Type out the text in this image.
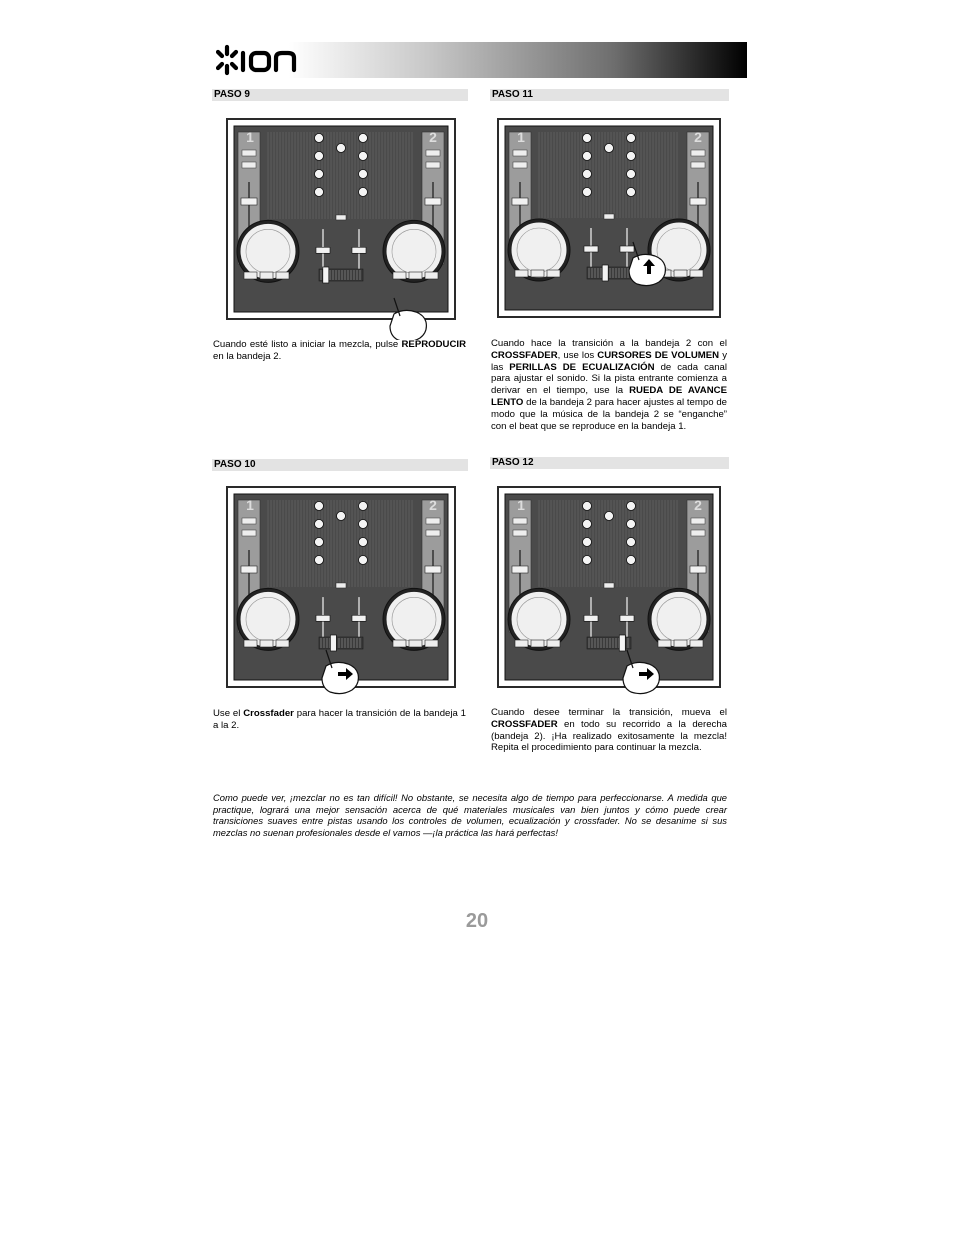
ION
PASO 9	PASO 11
PASO 10	PASO 12
1	2	1	2
1	2	1	2
Cuando esté listo a iniciar la mezcla, pulse REPRODUCIR en la bandeja 2.
Cuando hace la transición a la bandeja 2 con el CROSSFADER, use los CURSORES DE VOLUMEN y las PERILLAS DE ECUALIZACIÓN de cada canal para ajustar el sonido. Si la pista entrante comienza a derivar en el tiempo, use la RUEDA DE AVANCE LENTO de la bandeja 2 para hacer ajustes al tempo de modo que la música de la bandeja 2 se “enganche” con el beat que se reproduce en la bandeja 1.
Use el Crossfader para hacer la transición de la bandeja 1 a la 2.
Cuando desee terminar la transición, mueva el CROSSFADER en todo su recorrido a la derecha (bandeja 2). ¡Ha realizado exitosamente la mezcla! Repita el procedimiento para continuar la mezcla.
Como puede ver, ¡mezclar no es tan difícil! No obstante, se necesita algo de tiempo para perfeccionarse. A medida que practique, logrará una mejor sensación acerca de qué materiales musicales van bien juntos y cómo puede crear transiciones suaves entre pistas usando los controles de volumen, ecualización y crossfader. No se desanime si sus mezclas no suenan profesionales desde el vamos —¡la práctica las hará perfectas!
20
